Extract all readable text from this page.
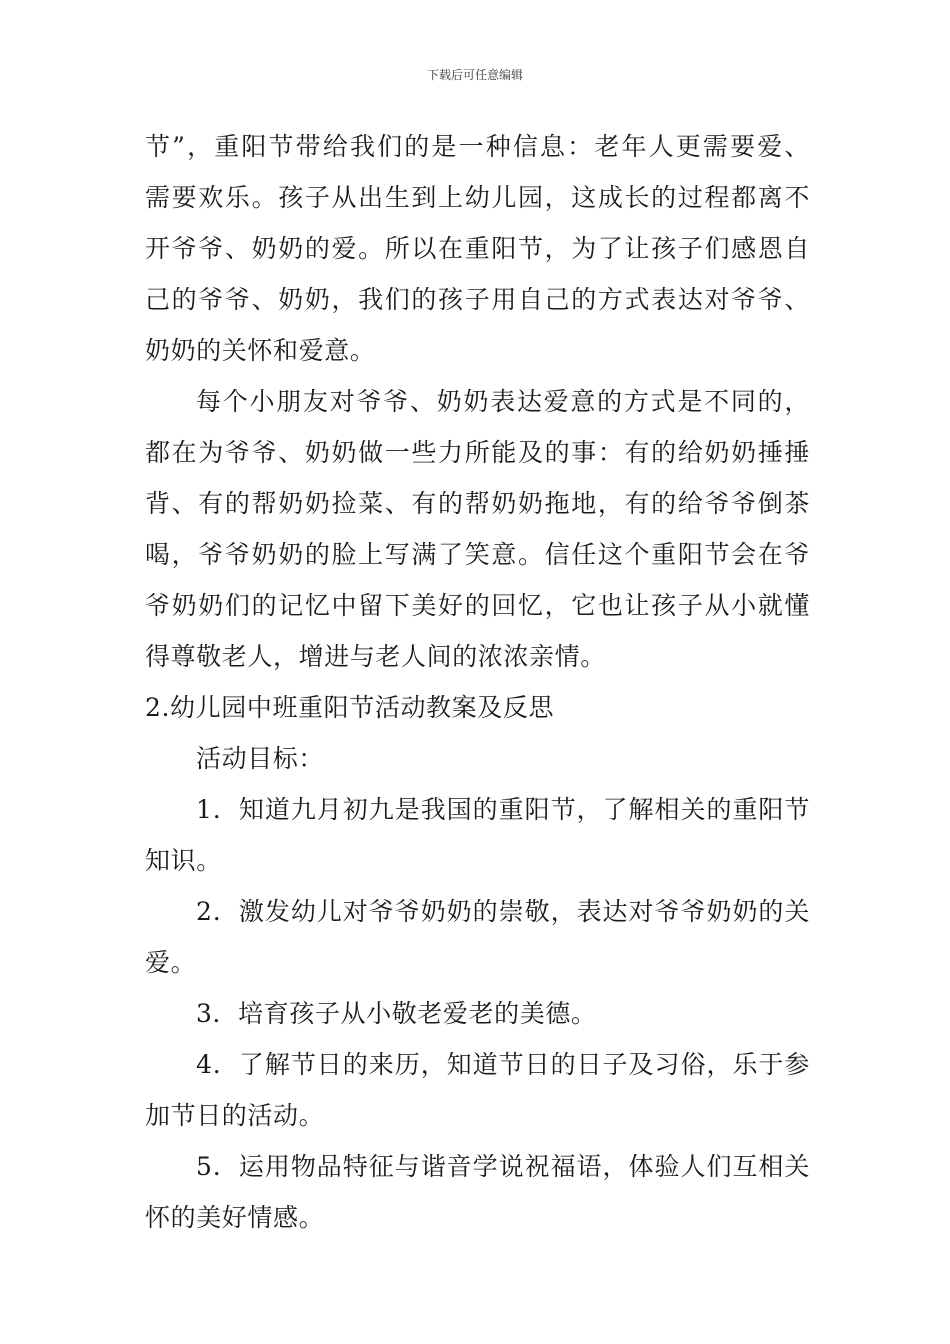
下载后可任意编辑
节”，重阳节带给我们的是一种信息：老年人更需要爱、
需要欢乐。孩子从出生到上幼儿园，这成长的过程都离不
开爷爷、奶奶的爱。所以在重阳节，为了让孩子们感恩自
己的爷爷、奶奶，我们的孩子用自己的方式表达对爷爷、
奶奶的关怀和爱意。
每个小朋友对爷爷、奶奶表达爱意的方式是不同的，
都在为爷爷、奶奶做一些力所能及的事：有的给奶奶捶捶
背、有的帮奶奶捡菜、有的帮奶奶拖地，有的给爷爷倒茶
喝，爷爷奶奶的脸上写满了笑意。信任这个重阳节会在爷
爷奶奶们的记忆中留下美好的回忆，它也让孩子从小就懂
得尊敬老人，增进与老人间的浓浓亲情。
2.幼儿园中班重阳节活动教案及反思
活动目标：
1．知道九月初九是我国的重阳节，了解相关的重阳节
知识。
2．激发幼儿对爷爷奶奶的崇敬，表达对爷爷奶奶的关
爱。
3．培育孩子从小敬老爱老的美德。
4．了解节日的来历，知道节日的日子及习俗，乐于参
加节日的活动。
5．运用物品特征与谐音学说祝福语，体验人们互相关
怀的美好情感。
